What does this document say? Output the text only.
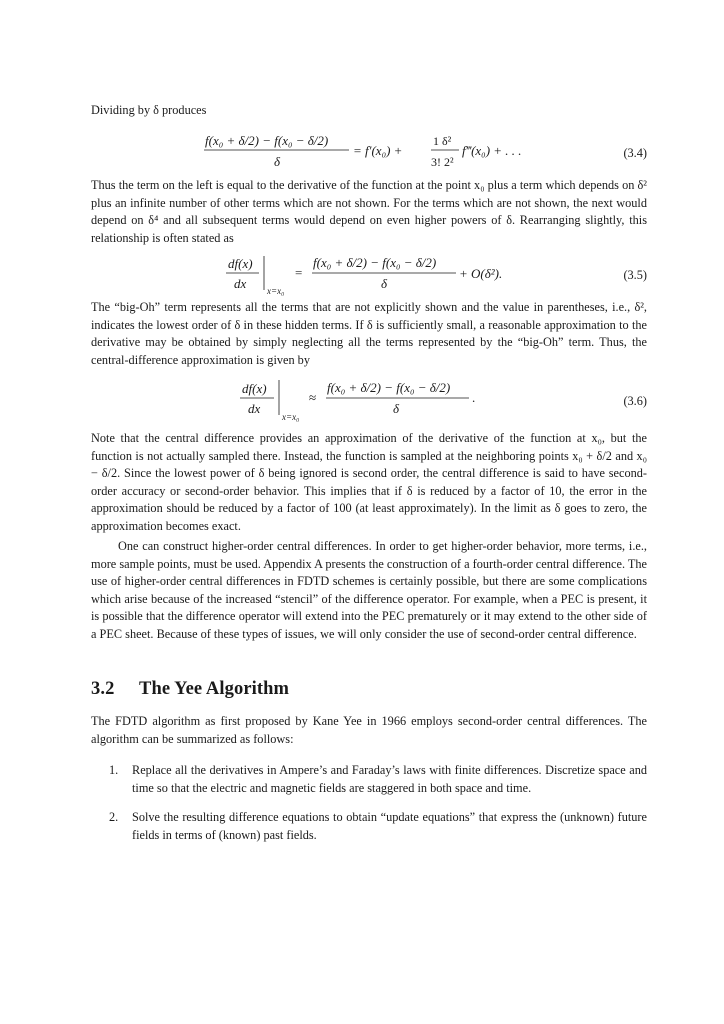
Dividing by δ produces

f(x₀ + δ/2) − f(x₀ − δ/2)
δ
= f′(x₀) +
1 δ²
3! 2²
f‴(x₀) + . . .	(3.4)

Thus the term on the left is equal to the derivative of the function at the point x₀ plus a term which depends on δ² plus an infinite number of other terms which are not shown. For the terms which are not shown, the next would depend on δ⁴ and all subsequent terms would depend on even higher powers of δ. Rearranging slightly, this relationship is often stated as

df(x)
dx x=x₀
=
f(x₀ + δ/2) − f(x₀ − δ/2)
δ
+ O(δ²).	(3.5)

The “big-Oh” term represents all the terms that are not explicitly shown and the value in parentheses, i.e., δ², indicates the lowest order of δ in these hidden terms. If δ is sufficiently small, a reasonable approximation to the derivative may be obtained by simply neglecting all the terms represented by the “big-Oh” term. Thus, the central-difference approximation is given by

df(x)
dx
x=x₀
≈
f(x₀ + δ/2) − f(x₀ − δ/2)
δ
.	(3.6)

Note that the central difference provides an approximation of the derivative of the function at x₀, but the function is not actually sampled there. Instead, the function is sampled at the neighboring points x₀ + δ/2 and x₀ − δ/2. Since the lowest power of δ being ignored is second order, the central difference is said to have second-order accuracy or second-order behavior. This implies that if δ is reduced by a factor of 10, the error in the approximation should be reduced by a factor of 100 (at least approximately). In the limit as δ goes to zero, the approximation becomes exact.

One can construct higher-order central differences. In order to get higher-order behavior, more terms, i.e., more sample points, must be used. Appendix A presents the construction of a fourth-order central difference. The use of higher-order central differences in FDTD schemes is certainly possible, but there are some complications which arise because of the increased “stencil” of the difference operator. For example, when a PEC is present, it is possible that the difference operator will extend into the PEC prematurely or it may extend to the other side of a PEC sheet. Because of these types of issues, we will only consider the use of second-order central difference.

3.2 The Yee Algorithm

The FDTD algorithm as first proposed by Kane Yee in 1966 employs second-order central differences. The algorithm can be summarized as follows:

1. Replace all the derivatives in Ampere’s and Faraday’s laws with finite differences. Discretize space and time so that the electric and magnetic fields are staggered in both space and time.
2. Solve the resulting difference equations to obtain “update equations” that express the (unknown) future fields in terms of (known) past fields.
